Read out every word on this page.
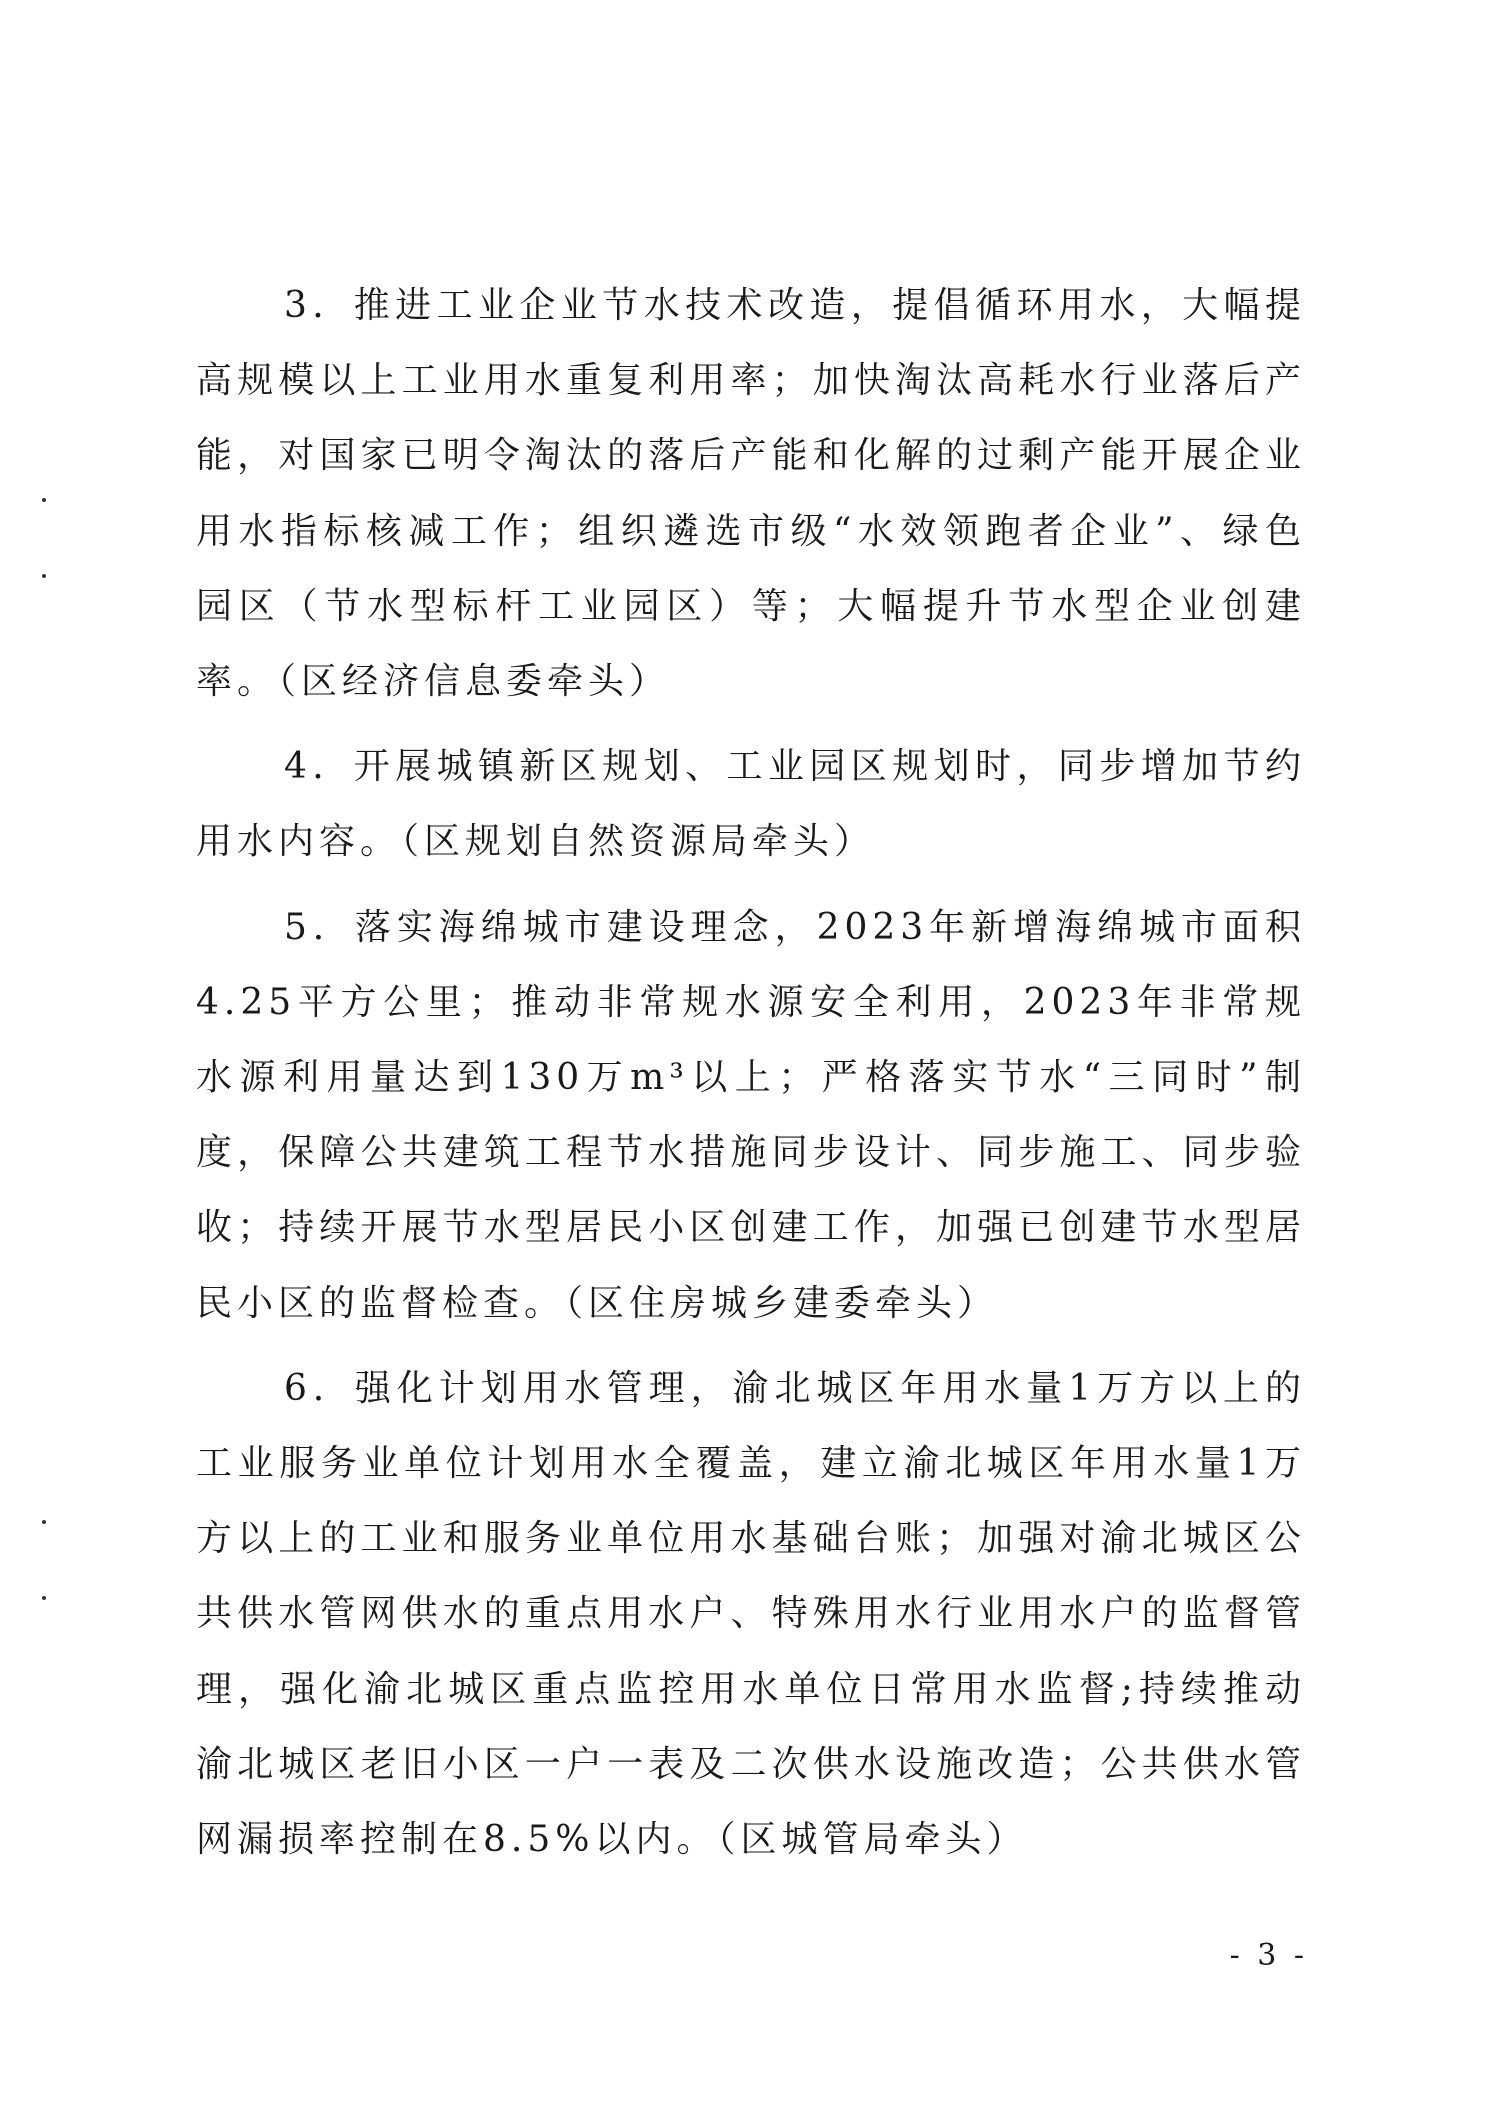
3．推进工业企业节水技术改造，提倡循环用水，大幅提高规模以上工业用水重复利用率；加快淘汰高耗水行业落后产能，对国家已明令淘汰的落后产能和化解的过剩产能开展企业用水指标核减工作；组织遴选市级“水效领跑者企业”、绿色园区（节水型标杆工业园区）等；大幅提升节水型企业创建率。（区经济信息委牵头）

4．开展城镇新区规划、工业园区规划时，同步增加节约用水内容。（区规划自然资源局牵头）

5．落实海绵城市建设理念，2023年新增海绵城市面积4.25平方公里；推动非常规水源安全利用，2023年非常规水源利用量达到130万m³以上；严格落实节水“三同时”制度，保障公共建筑工程节水措施同步设计、同步施工、同步验收；持续开展节水型居民小区创建工作，加强已创建节水型居民小区的监督检查。（区住房城乡建委牵头）

6．强化计划用水管理，渝北城区年用水量1万方以上的工业服务业单位计划用水全覆盖，建立渝北城区年用水量1万方以上的工业和服务业单位用水基础台账；加强对渝北城区公共供水管网供水的重点用水户、特殊用水行业用水户的监督管理，强化渝北城区重点监控用水单位日常用水监督;持续推动渝北城区老旧小区一户一表及二次供水设施改造；公共供水管网漏损率控制在8.5%以内。（区城管局牵头）

- 3 -
